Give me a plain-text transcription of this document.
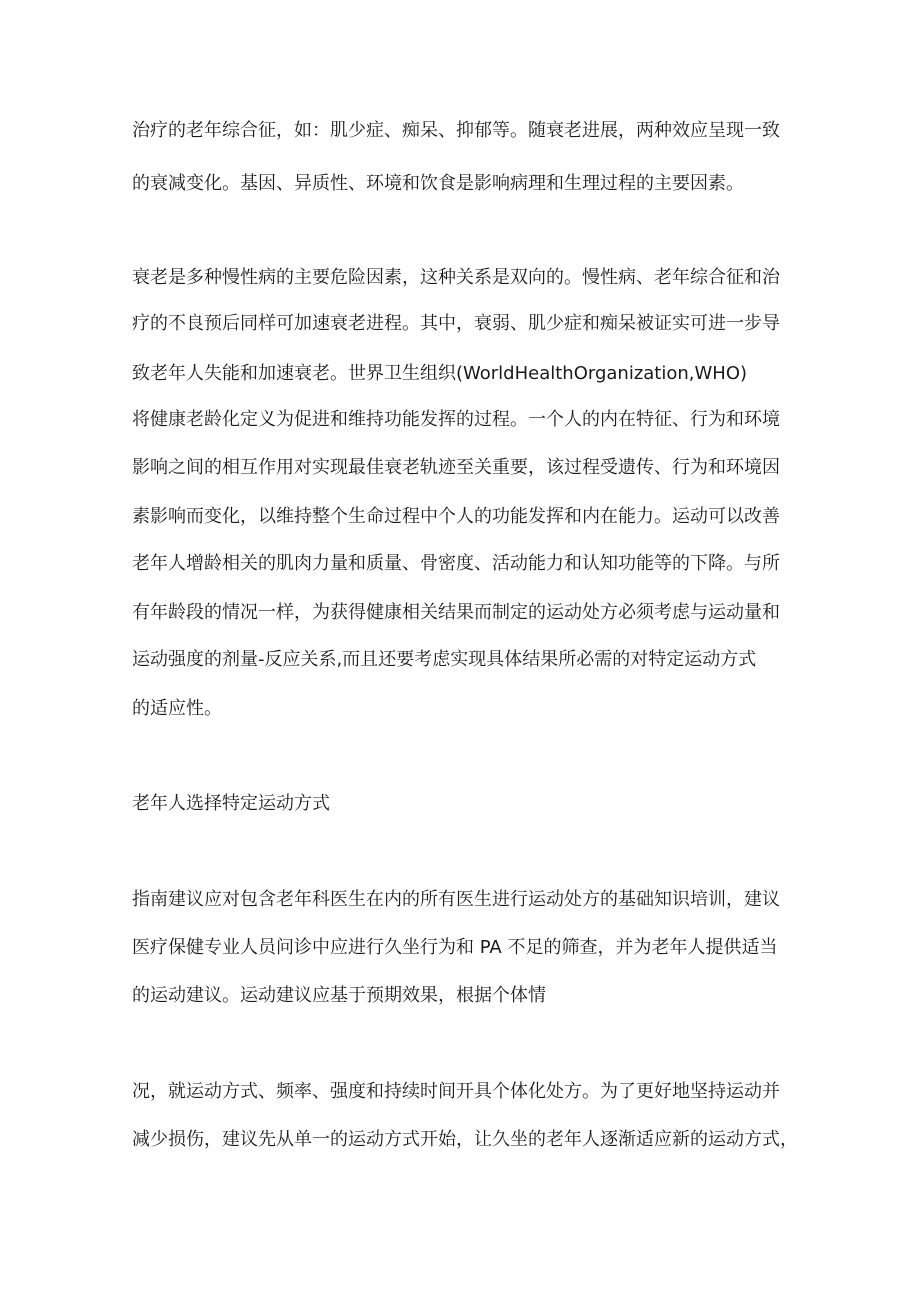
治疗的老年综合征，如：肌少症、痴呆、抑郁等。随衰老进展，两种效应呈现一致
的衰减变化。基因、异质性、环境和饮食是影响病理和生理过程的主要因素。
衰老是多种慢性病的主要危险因素，这种关系是双向的。慢性病、老年综合征和治
疗的不良预后同样可加速衰老进程。其中，衰弱、肌少症和痴呆被证实可进一步导
致老年人失能和加速衰老。世界卫生组织(WorldHealthOrganization,WHO)
将健康老龄化定义为促进和维持功能发挥的过程。一个人的内在特征、行为和环境
影响之间的相互作用对实现最佳衰老轨迹至关重要，该过程受遗传、行为和环境因
素影响而变化，以维持整个生命过程中个人的功能发挥和内在能力。运动可以改善
老年人增龄相关的肌肉力量和质量、骨密度、活动能力和认知功能等的下降。与所
有年龄段的情况一样，为获得健康相关结果而制定的运动处方必须考虑与运动量和
运动强度的剂量-反应关系,而且还要考虑实现具体结果所必需的对特定运动方式
的适应性。
老年人选择特定运动方式
指南建议应对包含老年科医生在内的所有医生进行运动处方的基础知识培训，建议
医疗保健专业人员问诊中应进行久坐行为和 PA 不足的筛查，并为老年人提供适当
的运动建议。运动建议应基于预期效果，根据个体情
况，就运动方式、频率、强度和持续时间开具个体化处方。为了更好地坚持运动并
减少损伤，建议先从单一的运动方式开始，让久坐的老年人逐渐适应新的运动方式，
